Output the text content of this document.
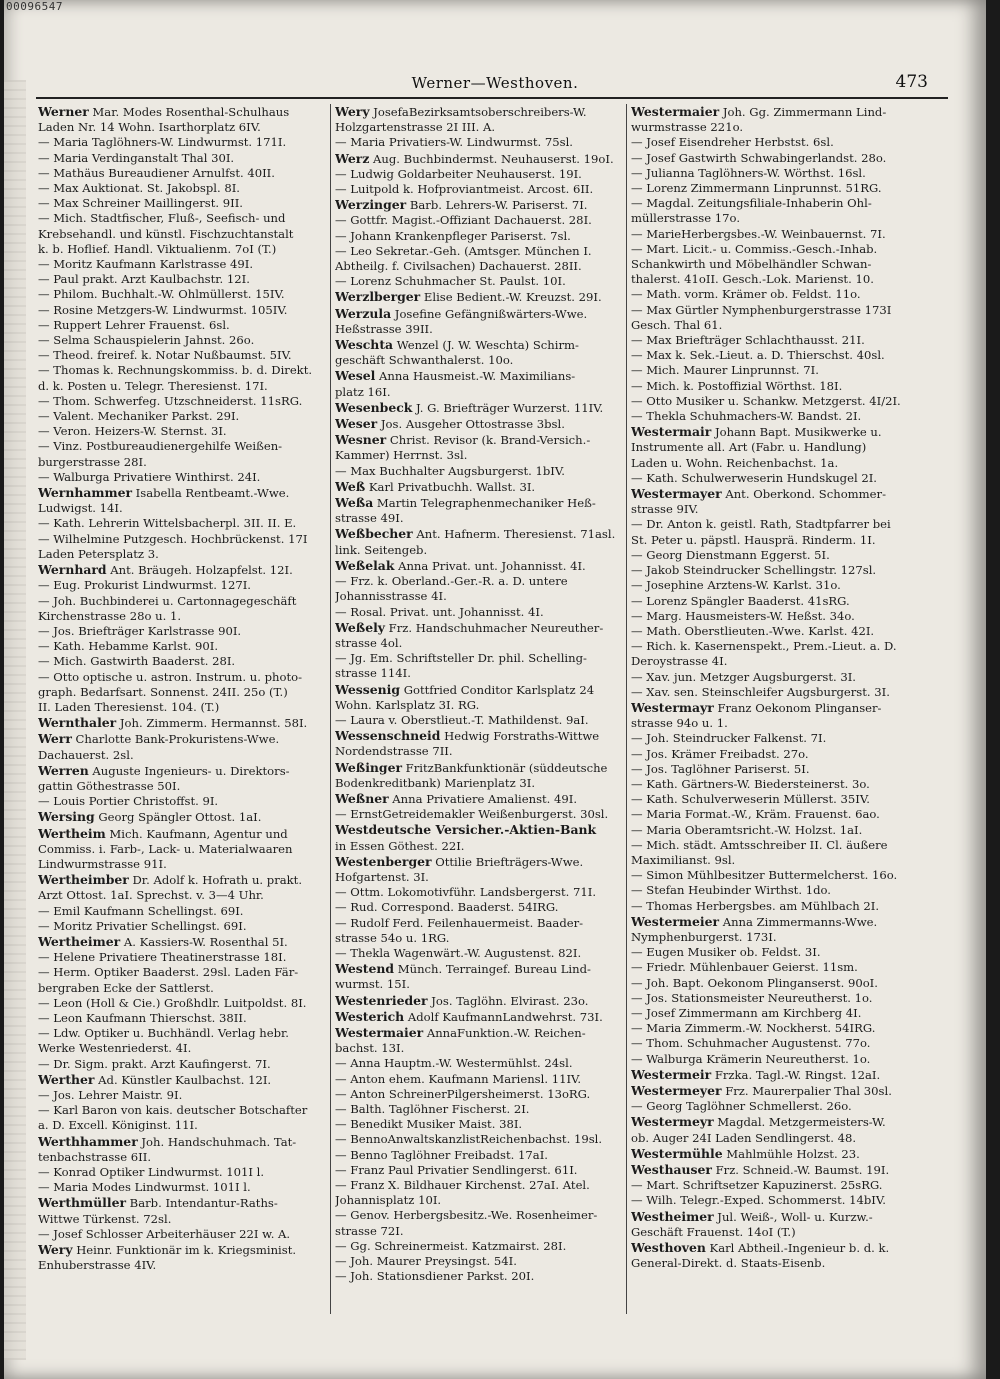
00096547
Werner—Westhoven.	473
Werner Mar. Modes Rosenthal-Schulhaus
Laden Nr. 14 Wohn. Isarthorplatz 6IV.
— Maria Taglöhners-W. Lindwurmst. 171I.
— Maria Verdinganstalt Thal 30I.
— Mathäus Bureaudiener Arnulfst. 40II.
— Max Auktionat. St. Jakobspl. 8I.
— Max Schreiner Maillingerst. 9II.
— Mich. Stadtfischer, Fluß-, Seefisch- und
Krebsehandl. und künstl. Fischzuchtanstalt
k. b. Hoflief. Handl. Viktualienm. 7oI (T.)
— Moritz Kaufmann Karlstrasse 49I.
— Paul prakt. Arzt Kaulbachstr. 12I.
— Philom. Buchhalt.-W. Ohlmüllerst. 15IV.
— Rosine Metzgers-W. Lindwurmst. 105IV.
— Ruppert Lehrer Frauenst. 6sl.
— Selma Schauspielerin Jahnst. 26o.
— Theod. freiref. k. Notar Nußbaumst. 5IV.
— Thomas k. Rechnungskommiss. b. d. Direkt.
d. k. Posten u. Telegr. Theresienst. 17I.
— Thom. Schwerfeg. Utzschneiderst. 11sRG.
— Valent. Mechaniker Parkst. 29I.
— Veron. Heizers-W. Sternst. 3I.
— Vinz. Postbureaudienergehilfe Weißen-
burgerstrasse 28I.
— Walburga Privatiere Winthirst. 24I.
Wernhammer Isabella Rentbeamt.-Wwe.
Ludwigst. 14I.
— Kath. Lehrerin Wittelsbacherpl. 3II. II. E.
— Wilhelmine Putzgesch. Hochbrückenst. 17I
Laden Petersplatz 3.
Wernhard Ant. Bräugeh. Holzapfelst. 12I.
— Eug. Prokurist Lindwurmst. 127I.
— Joh. Buchbinderei u. Cartonnagegeschäft
Kirchenstrasse 28o u. 1.
— Jos. Briefträger Karlstrasse 90I.
— Kath. Hebamme Karlst. 90I.
— Mich. Gastwirth Baaderst. 28I.
— Otto optische u. astron. Instrum. u. photo-
graph. Bedarfsart. Sonnenst. 24II. 25o (T.)
II. Laden Theresienst. 104. (T.)
Wernthaler Joh. Zimmerm. Hermannst. 58I.
Werr Charlotte Bank-Prokuristens-Wwe.
Dachauerst. 2sl.
Werren Auguste Ingenieurs- u. Direktors-
gattin Göthestrasse 50I.
— Louis Portier Christoffst. 9I.
Wersing Georg Spängler Ottost. 1aI.
Wertheim Mich. Kaufmann, Agentur und
Commiss. i. Farb-, Lack- u. Materialwaaren
Lindwurmstrasse 91I.
Wertheimber Dr. Adolf k. Hofrath u. prakt.
Arzt Ottost. 1aI. Sprechst. v. 3—4 Uhr.
— Emil Kaufmann Schellingst. 69I.
— Moritz Privatier Schellingst. 69I.
Wertheimer A. Kassiers-W. Rosenthal 5I.
— Helene Privatiere Theatinerstrasse 18I.
— Herm. Optiker Baaderst. 29sl. Laden Fär-
bergraben Ecke der Sattlerst.
— Leon (Holl & Cie.) Großhdlr. Luitpoldst. 8I.
— Leon Kaufmann Thierschst. 38II.
— Ldw. Optiker u. Buchhändl. Verlag hebr.
Werke Westenriederst. 4I.
— Dr. Sigm. prakt. Arzt Kaufingerst. 7I.
Werther Ad. Künstler Kaulbachst. 12I.
— Jos. Lehrer Maistr. 9I.
— Karl Baron von kais. deutscher Botschafter
a. D. Excell. Königinst. 11I.
Werthhammer Joh. Handschuhmach. Tat-
tenbachstrasse 6II.
— Konrad Optiker Lindwurmst. 101I l.
— Maria Modes Lindwurmst. 101I l.
Werthmüller Barb. Intendantur-Raths-
Wittwe Türkenst. 72sl.
— Josef Schlosser Arbeiterhäuser 22I w. A.
Wery Heinr. Funktionär im k. Kriegsminist.
Enhuberstrasse 4IV.
Wery JosefaBezirksamtsoberschreibers-W.
Holzgartenstrasse 2I III. A.
— Maria Privatiers-W. Lindwurmst. 75sl.
Werz Aug. Buchbindermst. Neuhauserst. 19oI.
— Ludwig Goldarbeiter Neuhauserst. 19I.
— Luitpold k. Hofproviantmeist. Arcost. 6II.
Werzinger Barb. Lehrers-W. Pariserst. 7I.
— Gottfr. Magist.-Offiziant Dachauerst. 28I.
— Johann Krankenpfleger Pariserst. 7sl.
— Leo Sekretar.-Geh. (Amtsger. München I.
Abtheilg. f. Civilsachen) Dachauerst. 28II.
— Lorenz Schuhmacher St. Paulst. 10I.
Werzlberger Elise Bedient.-W. Kreuzst. 29I.
Werzula Josefine Gefängnißwärters-Wwe.
Heßstrasse 39II.
Weschta Wenzel (J. W. Weschta) Schirm-
geschäft Schwanthalerst. 10o.
Wesel Anna Hausmeist.-W. Maximilians-
platz 16I.
Wesenbeck J. G. Briefträger Wurzerst. 11IV.
Weser Jos. Ausgeher Ottostrasse 3bsl.
Wesner Christ. Revisor (k. Brand-Versich.-
Kammer) Herrnst. 3sl.
— Max Buchhalter Augsburgerst. 1bIV.
Weß Karl Privatbuchh. Wallst. 3I.
Weßa Martin Telegraphenmechaniker Heß-
strasse 49I.
Weßbecher Ant. Hafnerm. Theresienst. 71asl.
link. Seitengeb.
Weßelak Anna Privat. unt. Johannisst. 4I.
— Frz. k. Oberland.-Ger.-R. a. D. untere
Johannisstrasse 4I.
— Rosal. Privat. unt. Johannisst. 4I.
Weßely Frz. Handschuhmacher Neureuther-
strasse 4ol.
— Jg. Em. Schriftsteller Dr. phil. Schelling-
strasse 114I.
Wessenig Gottfried Conditor Karlsplatz 24
Wohn. Karlsplatz 3I. RG.
— Laura v. Oberstlieut.-T. Mathildenst. 9aI.
Wessenschneid Hedwig Forstraths-Wittwe
Nordendstrasse 7II.
Weßinger FritzBankfunktionär (süddeutsche
Bodenkreditbank) Marienplatz 3I.
Weßner Anna Privatiere Amalienst. 49I.
— ErnstGetreidemakler Weißenburgerst. 30sl.
Westdeutsche Versicher.-Aktien-Bank
in Essen Göthest. 22I.
Westenberger Ottilie Briefträgers-Wwe.
Hofgartenst. 3I.
— Ottm. Lokomotivführ. Landsbergerst. 71I.
— Rud. Correspond. Baaderst. 54IRG.
— Rudolf Ferd. Feilenhauermeist. Baader-
strasse 54o u. 1RG.
— Thekla Wagenwärt.-W. Augustenst. 82I.
Westend Münch. Terraingef. Bureau Lind-
wurmst. 15I.
Westenrieder Jos. Taglöhn. Elvirast. 23o.
Westerich Adolf KaufmannLandwehrst. 73I.
Westermaier AnnaFunktion.-W. Reichen-
bachst. 13I.
— Anna Hauptm.-W. Westermühlst. 24sl.
— Anton ehem. Kaufmann Mariensl. 11IV.
— Anton SchreinerPilgersheimerst. 13oRG.
— Balth. Taglöhner Fischerst. 2I.
— Benedikt Musiker Maist. 38I.
— BennoAnwaltskanzlistReichenbachst. 19sl.
— Benno Taglöhner Freibadst. 17aI.
— Franz Paul Privatier Sendlingerst. 61I.
— Franz X. Bildhauer Kirchenst. 27aI. Atel.
Johannisplatz 10I.
— Genov. Herbergsbesitz.-We. Rosenheimer-
strasse 72I.
— Gg. Schreinermeist. Katzmairst. 28I.
— Joh. Maurer Preysingst. 54I.
— Joh. Stationsdiener Parkst. 20I.
Westermaier Joh. Gg. Zimmermann Lind-
wurmstrasse 221o.
— Josef Eisendreher Herbstst. 6sl.
— Josef Gastwirth Schwabingerlandst. 28o.
— Julianna Taglöhners-W. Wörthst. 16sl.
— Lorenz Zimmermann Linprunnst. 51RG.
— Magdal. Zeitungsfiliale-Inhaberin Ohl-
müllerstrasse 17o.
— MarieHerbergsbes.-W. Weinbauernst. 7I.
— Mart. Licit.- u. Commiss.-Gesch.-Inhab.
Schankwirth und Möbelhändler Schwan-
thalerst. 41oII. Gesch.-Lok. Marienst. 10.
— Math. vorm. Krämer ob. Feldst. 11o.
— Max Gürtler Nymphenburgerstrasse 173I
Gesch. Thal 61.
— Max Briefträger Schlachthausst. 21I.
— Max k. Sek.-Lieut. a. D. Thierschst. 40sl.
— Mich. Maurer Linprunnst. 7I.
— Mich. k. Postoffizial Wörthst. 18I.
— Otto Musiker u. Schankw. Metzgerst. 4I/2I.
— Thekla Schuhmachers-W. Bandst. 2I.
Westermair Johann Bapt. Musikwerke u.
Instrumente all. Art (Fabr. u. Handlung)
Laden u. Wohn. Reichenbachst. 1a.
— Kath. Schulwerweserin Hundskugel 2I.
Westermayer Ant. Oberkond. Schommer-
strasse 9IV.
— Dr. Anton k. geistl. Rath, Stadtpfarrer bei
St. Peter u. päpstl. Hausprä. Rinderm. 1I.
— Georg Dienstmann Eggerst. 5I.
— Jakob Steindrucker Schellingstr. 127sl.
— Josephine Arztens-W. Karlst. 31o.
— Lorenz Spängler Baaderst. 41sRG.
— Marg. Hausmeisters-W. Heßst. 34o.
— Math. Oberstlieuten.-Wwe. Karlst. 42I.
— Rich. k. Kasernenspekt., Prem.-Lieut. a. D.
Deroystrasse 4I.
— Xav. jun. Metzger Augsburgerst. 3I.
— Xav. sen. Steinschleifer Augsburgerst. 3I.
Westermayr Franz Oekonom Plinganser-
strasse 94o u. 1.
— Joh. Steindrucker Falkenst. 7I.
— Jos. Krämer Freibadst. 27o.
— Jos. Taglöhner Pariserst. 5I.
— Kath. Gärtners-W. Biedersteinerst. 3o.
— Kath. Schulverweserin Müllerst. 35IV.
— Maria Format.-W., Kräm. Frauenst. 6ao.
— Maria Oberamtsricht.-W. Holzst. 1aI.
— Mich. städt. Amtsschreiber II. Cl. äußere
Maximilianst. 9sl.
— Simon Mühlbesitzer Buttermelcherst. 16o.
— Stefan Heubinder Wirthst. 1do.
— Thomas Herbergsbes. am Mühlbach 2I.
Westermeier Anna Zimmermanns-Wwe.
Nymphenburgerst. 173I.
— Eugen Musiker ob. Feldst. 3I.
— Friedr. Mühlenbauer Geierst. 11sm.
— Joh. Bapt. Oekonom Plinganserst. 90oI.
— Jos. Stationsmeister Neureutherst. 1o.
— Josef Zimmermann am Kirchberg 4I.
— Maria Zimmerm.-W. Nockherst. 54IRG.
— Thom. Schuhmacher Augustenst. 77o.
— Walburga Krämerin Neureutherst. 1o.
Westermeir Frzka. Tagl.-W. Ringst. 12aI.
Westermeyer Frz. Maurerpalier Thal 30sl.
— Georg Taglöhner Schmellerst. 26o.
Westermeyr Magdal. Metzgermeisters-W.
ob. Auger 24I Laden Sendlingerst. 48.
Westermühle Mahlmühle Holzst. 23.
Westhauser Frz. Schneid.-W. Baumst. 19I.
— Mart. Schriftsetzer Kapuzinerst. 25sRG.
— Wilh. Telegr.-Exped. Schommerst. 14bIV.
Westheimer Jul. Weiß-, Woll- u. Kurzw.-
Geschäft Frauenst. 14oI (T.)
Westhoven Karl Abtheil.-Ingenieur b. d. k.
General-Direkt. d. Staats-Eisenb.
